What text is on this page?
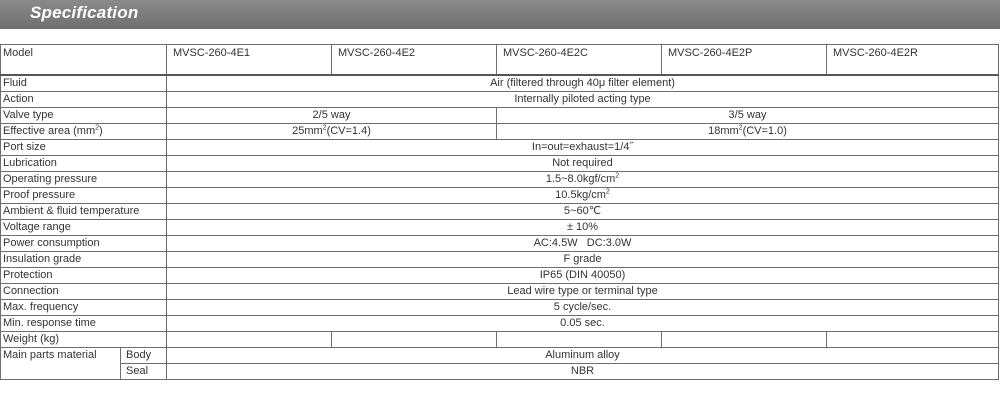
Specification
Model		MVSC-260-4E1	MVSC-260-4E2	MVSC-260-4E2C	MVSC-260-4E2P	MVSC-260-4E2R
Fluid		Air (filtered through 40μ filter element)				
Action		Internally piloted acting type				
Valve type		2/5 way		3/5 way		
Effective area $(mm^2)$		$25mm^2(CV=1.4)$		$18mm^2(CV=1.0)$		
Port size		In=out=exhaust=1/4˝				
Lubrication		Not required				
Operating pressure		$1.5\sim 8.0kgf/cm^2$
Proof pressure		$10.5kg/cm^2$
Ambient & fluid temperature		5~60℃				
Voltage range		± 10%				
Power consumption		AC:4.5W   DC:3.0W				
Insulation grade		F grade				
Protection		IP65 (DIN 40050)				
Connection		Lead wire type or terminal type				
Max. frequency		5 cycle/sec.				
Min. response time		0.05 sec.				
Weight (kg)						
Main parts material	Body	Aluminum alloy				
	Seal	NBR				
